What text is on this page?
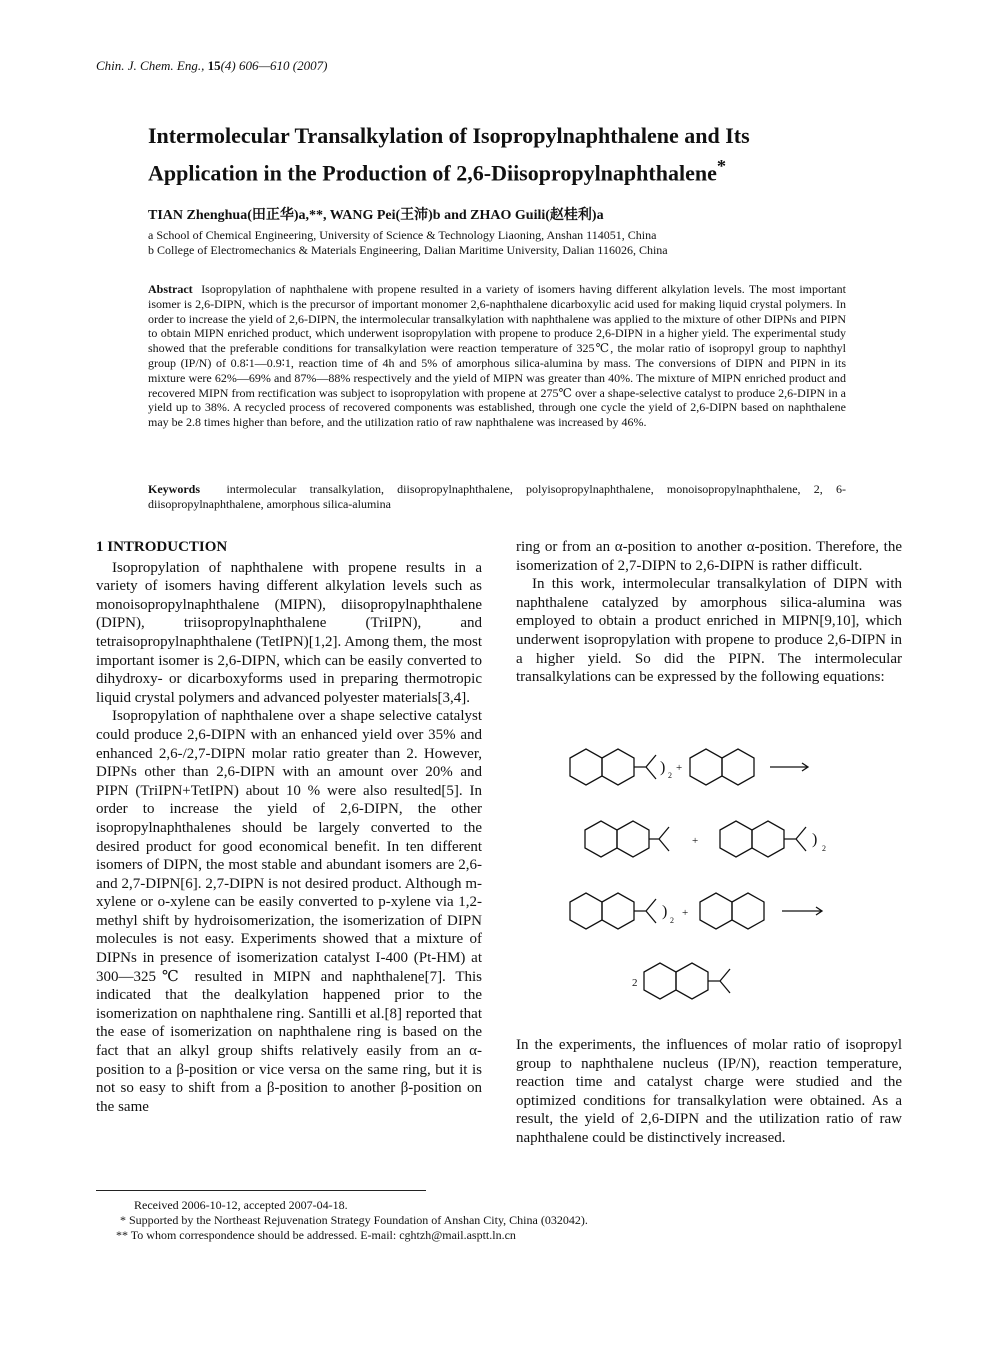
Chin. J. Chem. Eng., 15(4) 606—610 (2007)
Intermolecular Transalkylation of Isopropylnaphthalene and Its
Application in the Production of 2,6-Diisopropylnaphthalene*
TIAN Zhenghua(田正华)a,**, WANG Pei(王沛)b and ZHAO Guili(赵桂利)a
a School of Chemical Engineering, University of Science & Technology Liaoning, Anshan 114051, China
b College of Electromechanics & Materials Engineering, Dalian Maritime University, Dalian 116026, China
Abstract Isopropylation of naphthalene with propene resulted in a variety of isomers having different alkylation levels. The most important isomer is 2,6-DIPN, which is the precursor of important monomer 2,6-naphthalene dicarboxylic acid used for making liquid crystal polymers. In order to increase the yield of 2,6-DIPN, the intermolecular transalkylation with naphthalene was applied to the mixture of other DIPNs and PIPN to obtain MIPN enriched product, which underwent isopropylation with propene to produce 2,6-DIPN in a higher yield. The experimental study showed that the preferable conditions for transalkylation were reaction temperature of 325℃, the molar ratio of isopropyl group to naphthyl group (IP/N) of 0.8∶1—0.9∶1, reaction time of 4h and 5% of amorphous silica-alumina by mass. The conversions of DIPN and PIPN in its mixture were 62%—69% and 87%—88% respectively and the yield of MIPN was greater than 40%. The mixture of MIPN enriched product and recovered MIPN from rectification was subject to isopropylation with propene at 275℃ over a shape-selective catalyst to produce 2,6-DIPN in a yield up to 38%. A recycled process of recovered components was established, through one cycle the yield of 2,6-DIPN based on naphthalene may be 2.8 times higher than before, and the utilization ratio of raw naphthalene was increased by 46%.
Keywords intermolecular transalkylation, diisopropylnaphthalene, polyisopropylnaphthalene, monoisopropylnaphthalene, 2, 6-diisopropylnaphthalene, amorphous silica-alumina
1 INTRODUCTION

Isopropylation of naphthalene with propene results in a variety of isomers having different alkylation levels such as monoisopropylnaphthalene (MIPN), diisopropylnaphthalene (DIPN), triisopropylnaphthalene (TriIPN), and tetraisopropylnaphthalene (TetIPN)[1,2]. Among them, the most important isomer is 2,6-DIPN, which can be easily converted to dihydroxy- or dicarboxyforms used in preparing thermotropic liquid crystal polymers and advanced polyester materials[3,4].

Isopropylation of naphthalene over a shape selective catalyst could produce 2,6-DIPN with an enhanced yield over 35% and enhanced 2,6-/2,7-DIPN molar ratio greater than 2. However, DIPNs other than 2,6-DIPN with an amount over 20% and PIPN (TriIPN+TetIPN) about 10 % were also resulted[5]. In order to increase the yield of 2,6-DIPN, the other isopropylnaphthalenes should be largely converted to the desired product for good economical benefit. In ten different isomers of DIPN, the most stable and abundant isomers are 2,6- and 2,7-DIPN[6]. 2,7-DIPN is not desired product. Although m-xylene or o-xylene can be easily converted to p-xylene via 1,2-methyl shift by hydroisomerization, the isomerization of DIPN molecules is not easy. Experiments showed that a mixture of DIPNs in presence of isomerization catalyst I-400 (Pt-HM) at 300—325℃ resulted in MIPN and naphthalene[7]. This indicated that the dealkylation happened prior to the isomerization on naphthalene ring. Santilli et al.[8] reported that the ease of isomerization on naphthalene ring is based on the fact that an alkyl group shifts relatively easily from an α-position to a β-position or vice versa on the same ring, but it is not so easy to shift from a β-position to another β-position on the same

ring or from an α-position to another α-position. Therefore, the isomerization of 2,7-DIPN to 2,6-DIPN is rather difficult.

In this work, intermolecular transalkylation of DIPN with naphthalene catalyzed by amorphous silica-alumina was employed to obtain a product enriched in MIPN[9,10], which underwent isopropylation with propene to produce 2,6-DIPN in a higher yield. So did the PIPN. The intermolecular transalkylations can be expressed by the following equations:

) 2
+
+	)
2
)
2
+
2

In the experiments, the influences of molar ratio of isopropyl group to naphthalene nucleus (IP/N), reaction temperature, reaction time and catalyst charge were studied and the optimized conditions for transalkylation were obtained. As a result, the yield of 2,6-DIPN and the utilization ratio of raw naphthalene could be distinctively increased.

Received 2006-10-12, accepted 2007-04-18.
* Supported by the Northeast Rejuvenation Strategy Foundation of Anshan City, China (032042).
** To whom correspondence should be addressed. E-mail: cghtzh@mail.asptt.ln.cn
